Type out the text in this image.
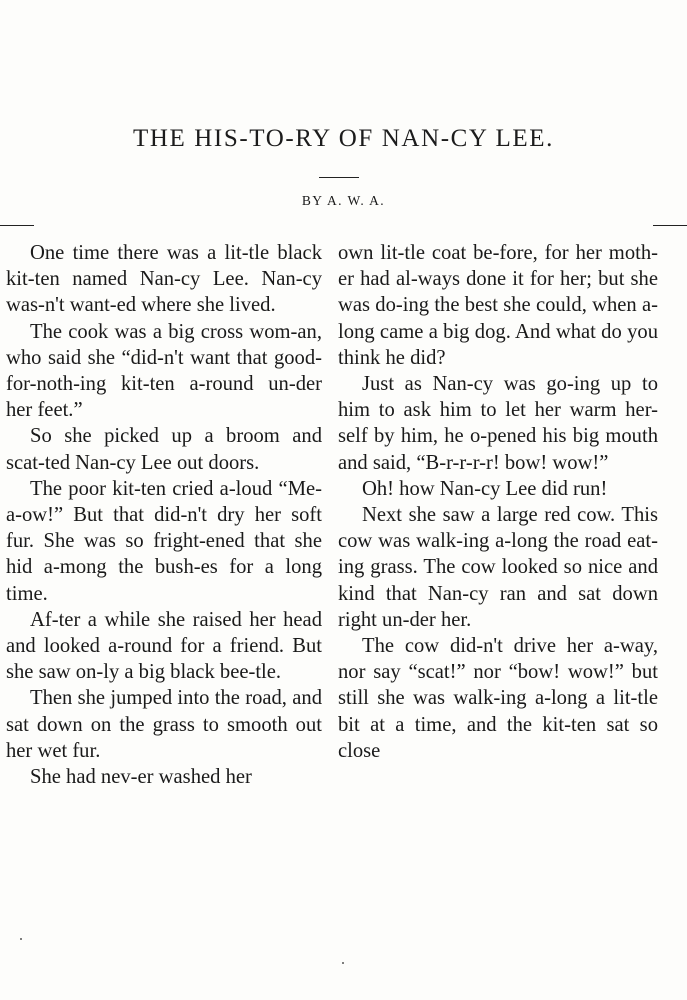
THE HIS-TO-RY OF NAN-CY LEE.

BY A. W. A.

One time there was a lit-tle black kit-ten named Nan-cy Lee. Nan-cy was-n't want-ed where she lived.

The cook was a big cross wom-an, who said she “did-n't want that good-for-noth-ing kit-ten a-round un-der her feet.”

So she picked up a broom and scat-ted Nan-cy Lee out doors.

The poor kit-ten cried a-loud “Me-a-ow!” But that did-n't dry her soft fur. She was so fright-ened that she hid a-mong the bush-es for a long time.

Af-ter a while she raised her head and looked a-round for a friend. But she saw on-ly a big black bee-tle.

Then she jumped into the road, and sat down on the grass to smooth out her wet fur.

She had nev-er washed her

own lit-tle coat be-fore, for her moth-er had al-ways done it for her; but she was do-ing the best she could, when a-long came a big dog. And what do you think he did?

Just as Nan-cy was go-ing up to him to ask him to let her warm her-self by him, he o-pened his big mouth and said, “B-r-r-r-r! bow! wow!”

Oh! how Nan-cy Lee did run!

Next she saw a large red cow. This cow was walk-ing a-long the road eat-ing grass. The cow looked so nice and kind that Nan-cy ran and sat down right un-der her.

The cow did-n't drive her a-way, nor say “scat!” nor “bow! wow!” but still she was walk-ing a-long a lit-tle bit at a time, and the kit-ten sat so close
